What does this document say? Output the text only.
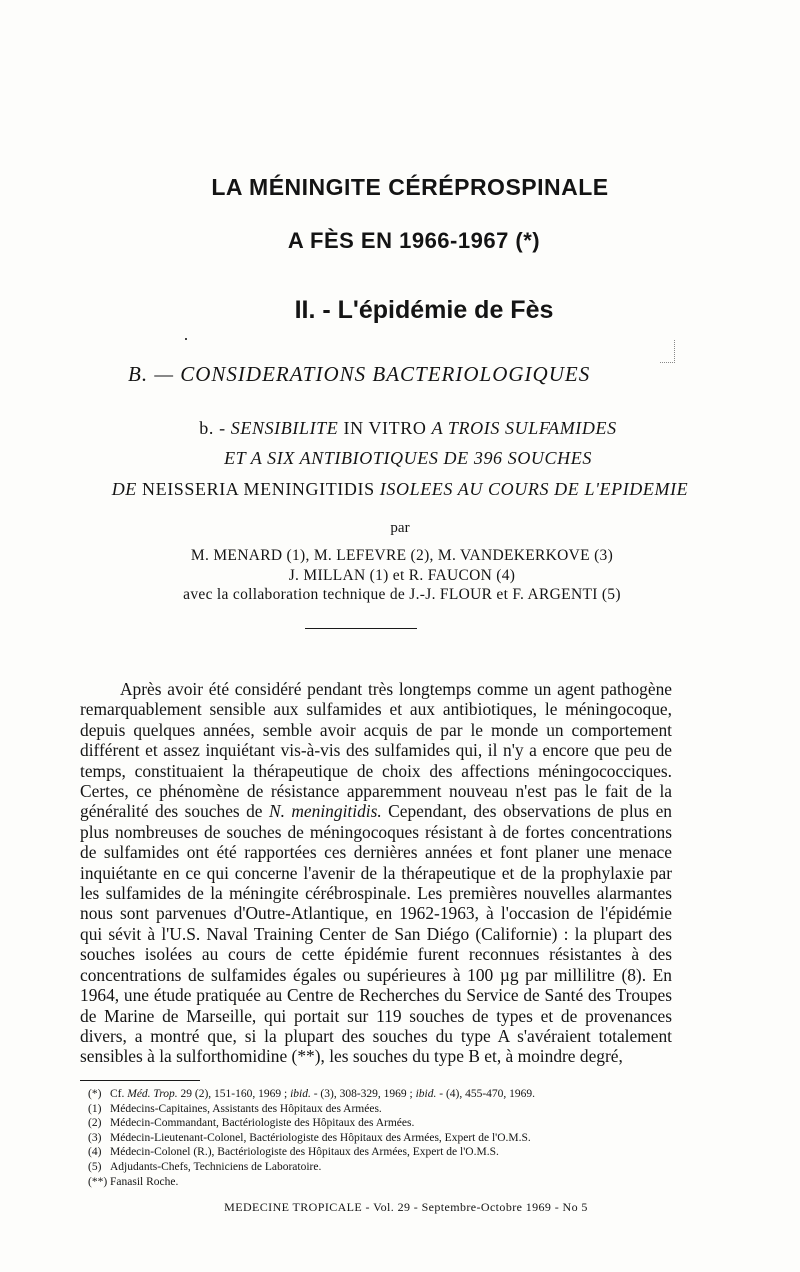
LA MÉNINGITE CÉRÉPROSPINALE
A FÈS EN 1966-1967 (*)
II. - L'épidémie de Fès
B. — CONSIDERATIONS BACTERIOLOGIQUES
b. - SENSIBILITE IN VITRO A TROIS SULFAMIDES
ET A SIX ANTIBIOTIQUES DE 396 SOUCHES
DE NEISSERIA MENINGITIDIS ISOLEES AU COURS DE L'EPIDEMIE
par
M. MENARD (1), M. LEFEVRE (2), M. VANDEKERKOVE (3)
J. MILLAN (1) et R. FAUCON (4)
avec la collaboration technique de J.-J. FLOUR et F. ARGENTI (5)

Après avoir été considéré pendant très longtemps comme un agent pathogène remarquablement sensible aux sulfamides et aux antibiotiques, le méningocoque, depuis quelques années, semble avoir acquis de par le monde un comportement différent et assez inquiétant vis-à-vis des sulfamides qui, il n'y a encore que peu de temps, constituaient la thérapeutique de choix des affections méningococciques. Certes, ce phénomène de résistance apparemment nouveau n'est pas le fait de la généralité des souches de N. meningitidis. Cependant, des observations de plus en plus nombreuses de souches de méningocoques résistant à de fortes concentrations de sulfamides ont été rapportées ces dernières années et font planer une menace inquiétante en ce qui concerne l'avenir de la thérapeutique et de la prophylaxie par les sulfamides de la méningite cérébrospinale. Les premières nouvelles alarmantes nous sont parvenues d'Outre-Atlantique, en 1962-1963, à l'occasion de l'épidémie qui sévit à l'U.S. Naval Training Center de San Diégo (Californie) : la plupart des souches isolées au cours de cette épidémie furent reconnues résistantes à des concentrations de sulfamides égales ou supérieures à 100 µg par millilitre (8). En 1964, une étude pratiquée au Centre de Recherches du Service de Santé des Troupes de Marine de Marseille, qui portait sur 119 souches de types et de provenances divers, a montré que, si la plupart des souches du type A s'avéraient totalement sensibles à la sulforthomidine (**), les souches du type B et, à moindre degré,

(*) Cf. Méd. Trop. 29 (2), 151-160, 1969 ; ibid. - (3), 308-329, 1969 ; ibid. - (4), 455-470, 1969.
(1) Médecins-Capitaines, Assistants des Hôpitaux des Armées.
(2) Médecin-Commandant, Bactériologiste des Hôpitaux des Armées.
(3) Médecin-Lieutenant-Colonel, Bactériologiste des Hôpitaux des Armées, Expert de l'O.M.S.
(4) Médecin-Colonel (R.), Bactériologiste des Hôpitaux des Armées, Expert de l'O.M.S.
(5) Adjudants-Chefs, Techniciens de Laboratoire.
(**) Fanasil Roche.
MEDECINE TROPICALE - Vol. 29 - Septembre-Octobre 1969 - No 5
